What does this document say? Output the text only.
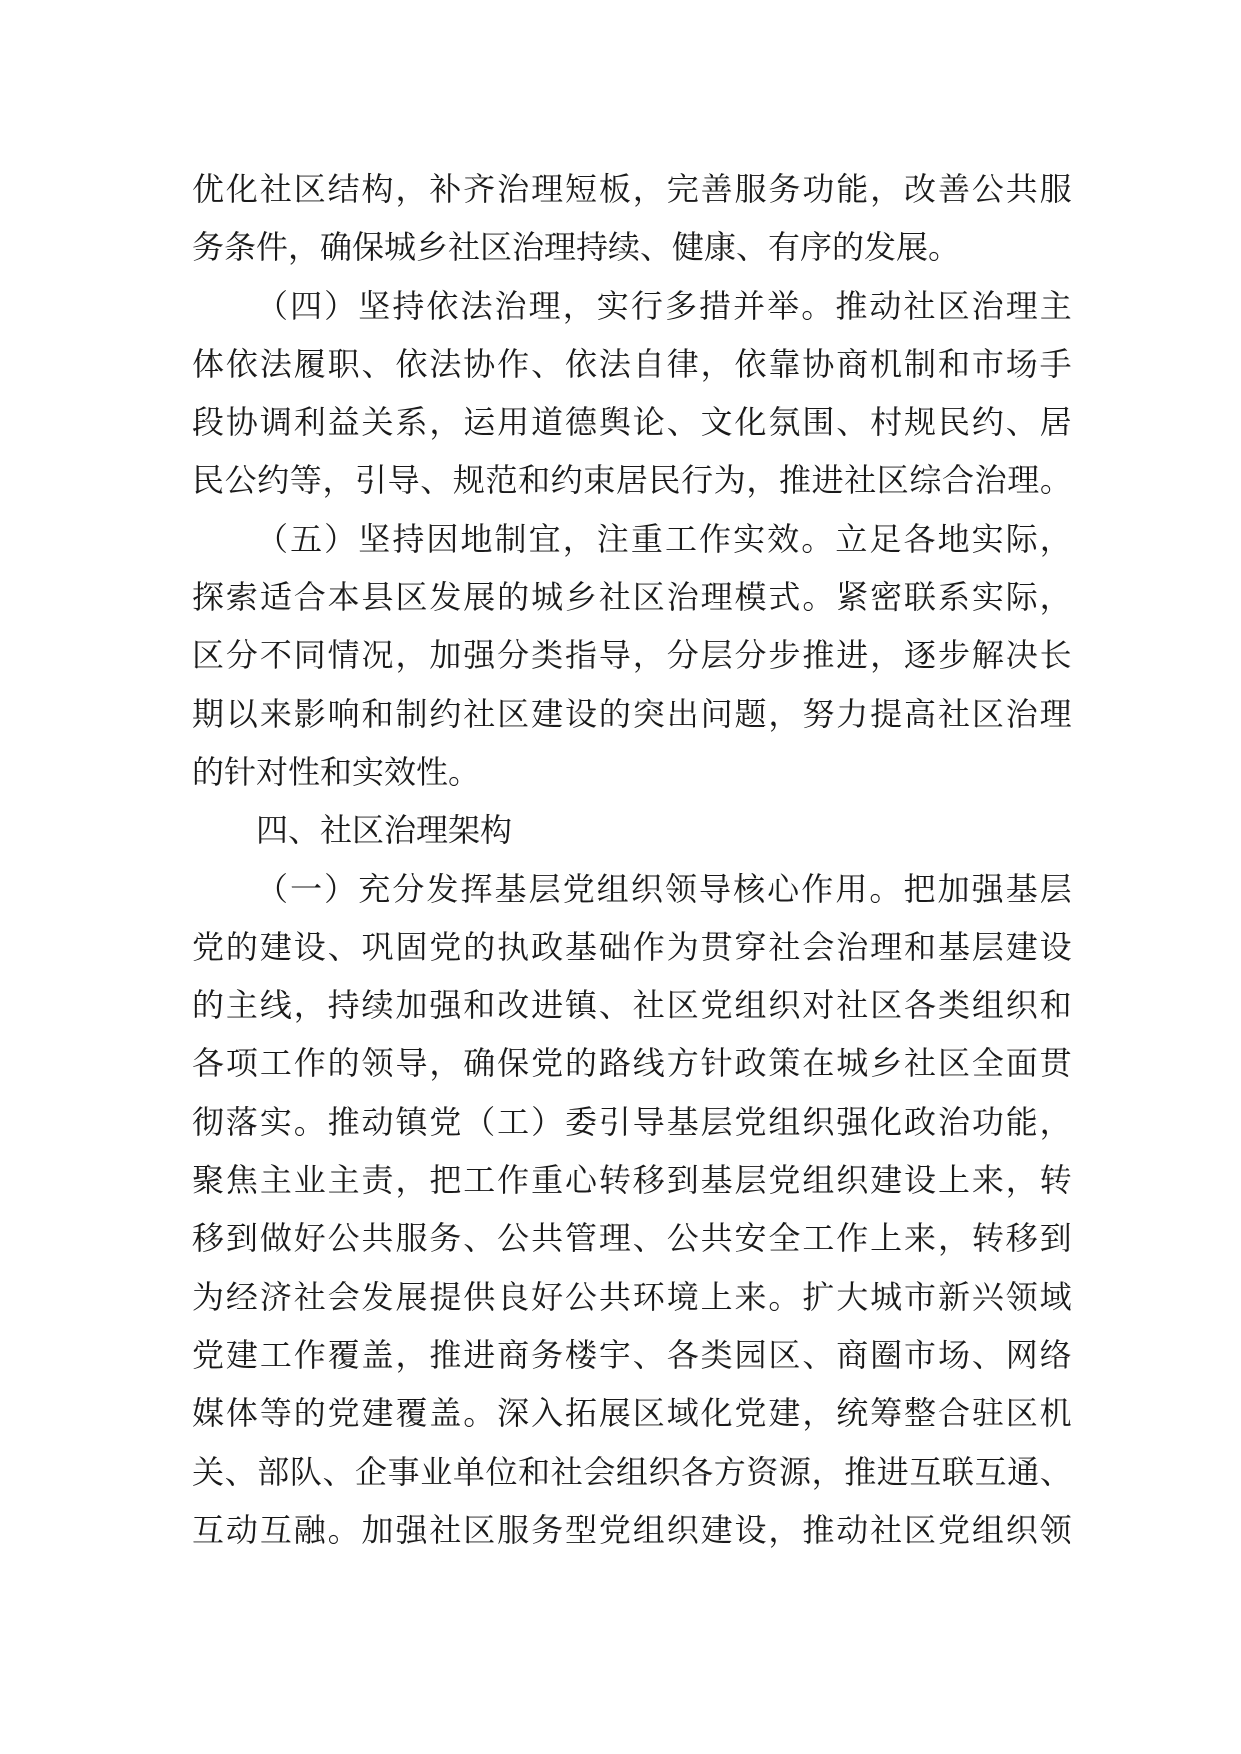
优 化 社 区 结 构 ， 补 齐 治 理 短 板 ， 完 善 服 务 功 能 ， 改 善 公 共 服
务条件，确保城乡社区治理持续、健康、有序的发展。
（ 四 ） 坚 持 依 法 治 理 ， 实 行 多 措 并 举 。 推 动 社 区 治 理 主
体 依 法 履 职 、 依 法 协 作 、 依 法 自 律 ， 依 靠 协 商 机 制 和 市 场 手
段 协 调 利 益 关 系 ， 运 用 道 德 舆 论 、 文 化 氛 围 、 村 规 民 约 、 居
民 公 约 等 ， 引 导 、 规 范 和 约 束 居 民 行 为 ， 推 进 社 区 综 合 治 理 。
（ 五 ） 坚 持 因 地 制 宜 ， 注 重 工 作 实 效 。 立 足 各 地 实 际 ，
探 索 适 合 本 县 区 发 展 的 城 乡 社 区 治 理 模 式 。 紧 密 联 系 实 际 ，
区 分 不 同 情 况 ， 加 强 分 类 指 导 ， 分 层 分 步 推 进 ， 逐 步 解 决 长
期 以 来 影 响 和 制 约 社 区 建 设 的 突 出 问 题 ， 努 力 提 高 社 区 治 理
的针对性和实效性。
四、社区治理架构
（ 一 ） 充 分 发 挥 基 层 党 组 织 领 导 核 心 作 用 。 把 加 强 基 层
党 的 建 设 、 巩 固 党 的 执 政 基 础 作 为 贯 穿 社 会 治 理 和 基 层 建 设
的 主 线 ， 持 续 加 强 和 改 进 镇 、 社 区 党 组 织 对 社 区 各 类 组 织 和
各 项 工 作 的 领 导 ， 确 保 党 的 路 线 方 针 政 策 在 城 乡 社 区 全 面 贯
彻 落 实 。 推 动 镇 党 （ 工 ） 委 引 导 基 层 党 组 织 强 化 政 治 功 能 ，
聚 焦 主 业 主 责 ， 把 工 作 重 心 转 移 到 基 层 党 组 织 建 设 上 来 ， 转
移 到 做 好 公 共 服 务 、 公 共 管 理 、 公 共 安 全 工 作 上 来 ， 转 移 到
为 经 济 社 会 发 展 提 供 良 好 公 共 环 境 上 来 。 扩 大 城 市 新 兴 领 域
党 建 工 作 覆 盖 ， 推 进 商 务 楼 宇 、 各 类 园 区 、 商 圈 市 场 、 网 络
媒 体 等 的 党 建 覆 盖 。 深 入 拓 展 区 域 化 党 建 ， 统 筹 整 合 驻 区 机
关 、 部 队 、 企 事 业 单 位 和 社 会 组 织 各 方 资 源 ， 推 进 互 联 互 通 、
互 动 互 融 。 加 强 社 区 服 务 型 党 组 织 建 设 ， 推 动 社 区 党 组 织 领
